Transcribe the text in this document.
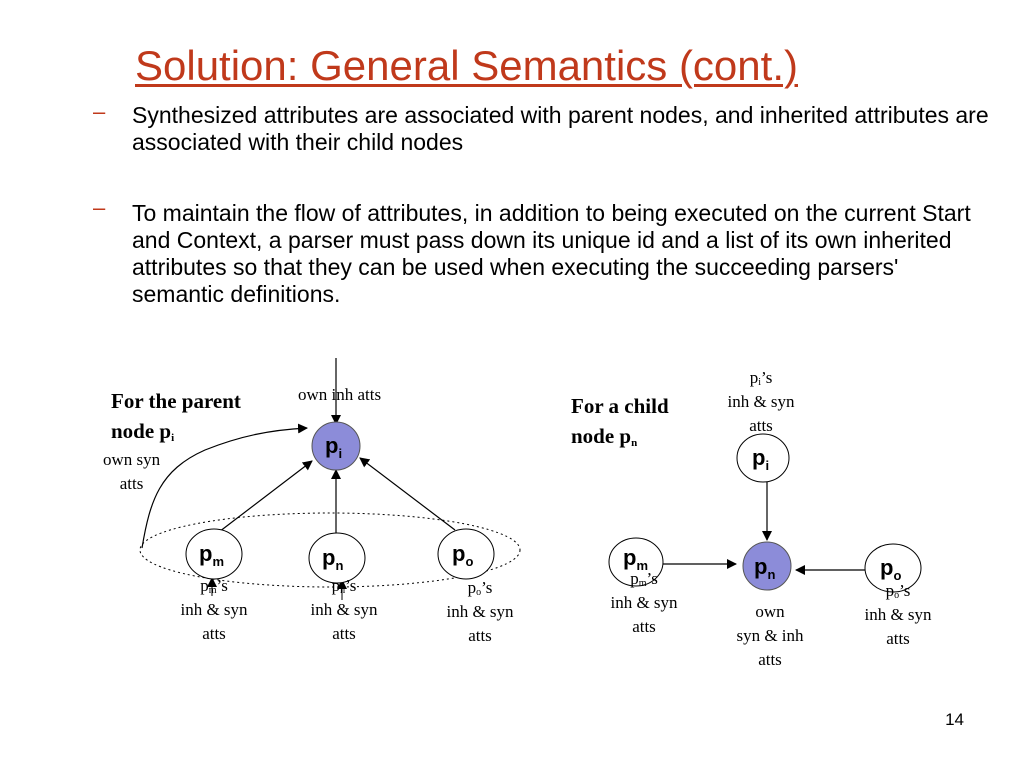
Solution: General Semantics (cont.)
– Synthesized attributes are associated with parent nodes, and inherited attributes are associated with their child nodes
– To maintain the flow of attributes, in addition to being executed on the current Start and Context, a parser must pass down its unique id and a list of its own inherited attributes so that they can be used when executing the succeeding parsers' semantic definitions.
For the parent
node $p_i$
own inh atts
own syn
atts
$p_i$
$p_m$	$p_n$	$p_o$
$p_m’s$
inh & syn
atts
$p_n’s$
inh & syn
atts
$p_o’s$
inh & syn
atts
For a child
node $p_n$
$p_i’s$
inh & syn
atts
$p_i$
$p_m$	$p_n$	$p_o$
$p_m’s$
inh & syn
atts
own
syn & inh
atts
$p_o’s$
inh & syn
atts
14
